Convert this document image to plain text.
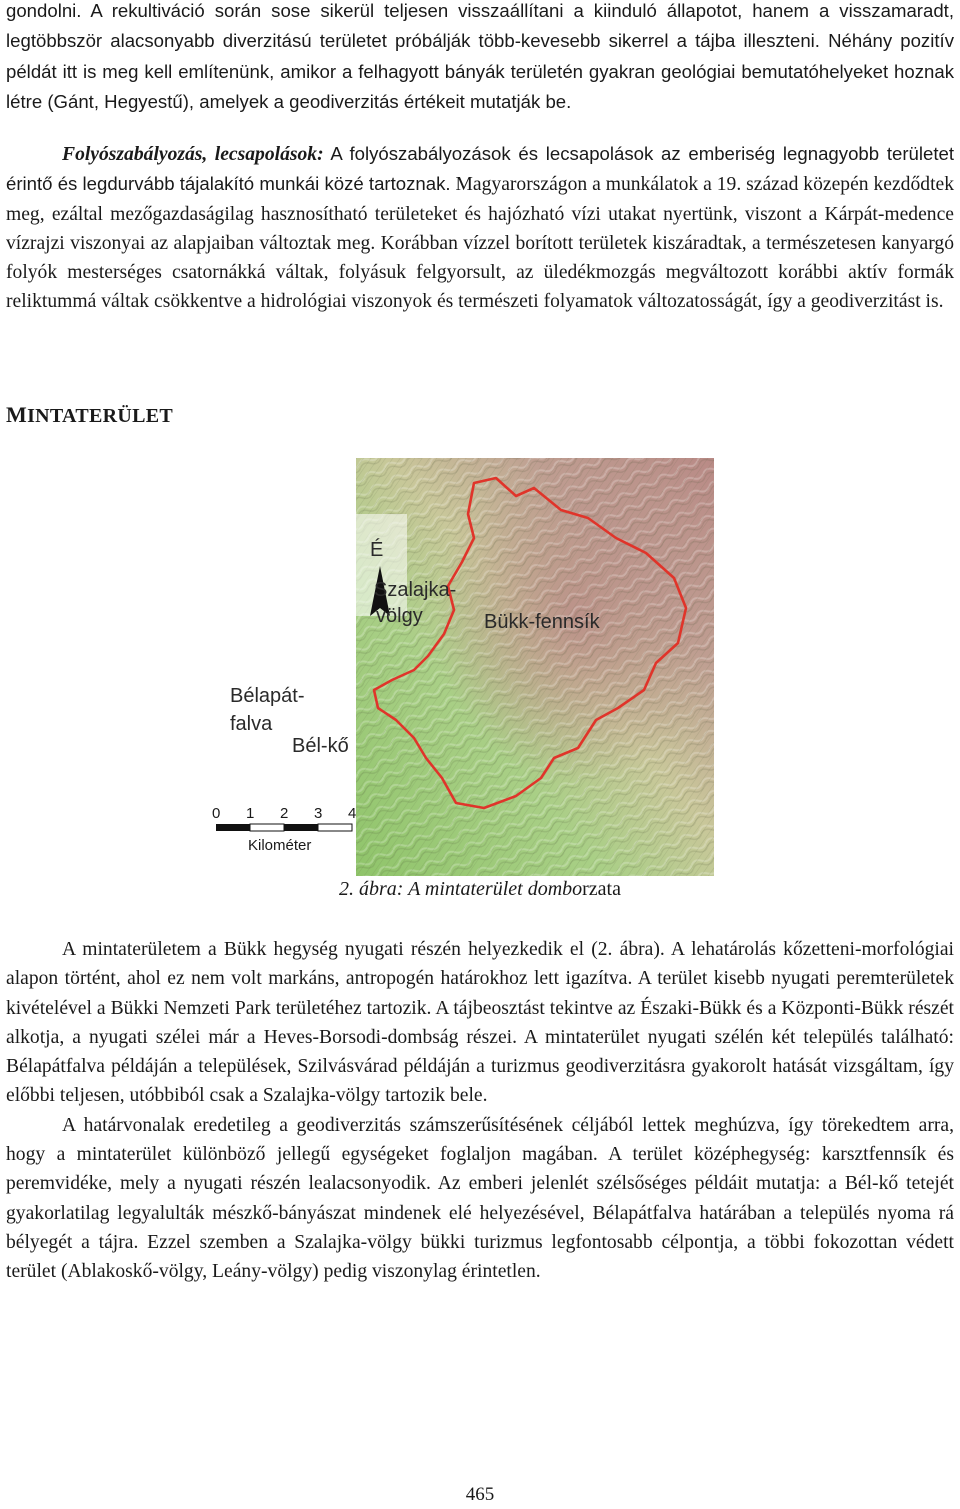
gondolni. A rekultiváció során sose sikerül teljesen visszaállítani a kiinduló állapotot, hanem a visszamaradt, legtöbbször alacsonyabb diverzitású területet próbálják több-kevesebb sikerrel a tájba illeszteni. Néhány pozitív példát itt is meg kell említenünk, amikor a felhagyott bányák területén gyakran geológiai bemutatóhelyeket hoznak létre (Gánt, Hegyestű), amelyek a geodiverzitás értékeit mutatják be.

Folyószabályozás, lecsapolások: A folyószabályozások és lecsapolások az emberiség legnagyobb területet érintő és legdurvább tájalakító munkái közé tartoznak. Magyarországon a munkálatok a 19. század közepén kezdődtek meg, ezáltal mezőgazdaságilag hasznosítható területeket és hajózható vízi utakat nyertünk, viszont a Kárpát-medence vízrajzi viszonyai az alapjaiban változtak meg. Korábban vízzel borított területek kiszáradtak, a természetesen kanyargó folyók mesterséges csatornákká váltak, folyásuk felgyorsult, az üledékmozgás megváltozott korábbi aktív formák reliktummá váltak csökkentve a hidrológiai viszonyok és természeti folyamatok változatosságát, így a geodiverzitást is.

MINTATERÜLET
É
Szalajka-
völgy	Bükk-fennsík
0 1 2 3 4
Kilométer
Bélapát-
falva
Bél-kő

2. ábra: A mintaterület domborzata

A mintaterületem a Bükk hegység nyugati részén helyezkedik el (2. ábra). A lehatárolás kőzetteni-morfológiai alapon történt, ahol ez nem volt markáns, antropogén határokhoz lett igazítva. A terület kisebb nyugati peremterületek kivételével a Bükki Nemzeti Park területéhez tartozik. A tájbeosztást tekintve az Északi-Bükk és a Központi-Bükk részét alkotja, a nyugati szélei már a Heves-Borsodi-dombság részei. A mintaterület nyugati szélén két település található: Bélapátfalva példáján a települések, Szilvásvárad példáján a turizmus geodiverzitásra gyakorolt hatását vizsgáltam, így előbbi teljesen, utóbbiból csak a Szalajka-völgy tartozik bele.

A határvonalak eredetileg a geodiverzitás számszerűsítésének céljából lettek meghúzva, így törekedtem arra, hogy a mintaterület különböző jellegű egységeket foglaljon magában. A terület középhegység: karsztfennsík és peremvidéke, mely a nyugati részén lealacsonyodik. Az emberi jelenlét szélsőséges példáit mutatja: a Bél-kő tetejét gyakorlatilag legyalulták mészkő-bányászat mindenek elé helyezésével, Bélapátfalva határában a település nyoma rá bélyegét a tájra. Ezzel szemben a Szalajka-völgy bükki turizmus legfontosabb célpontja, a többi fokozottan védett terület (Ablakoskő-völgy, Leány-völgy) pedig viszonylag érintetlen.

465
